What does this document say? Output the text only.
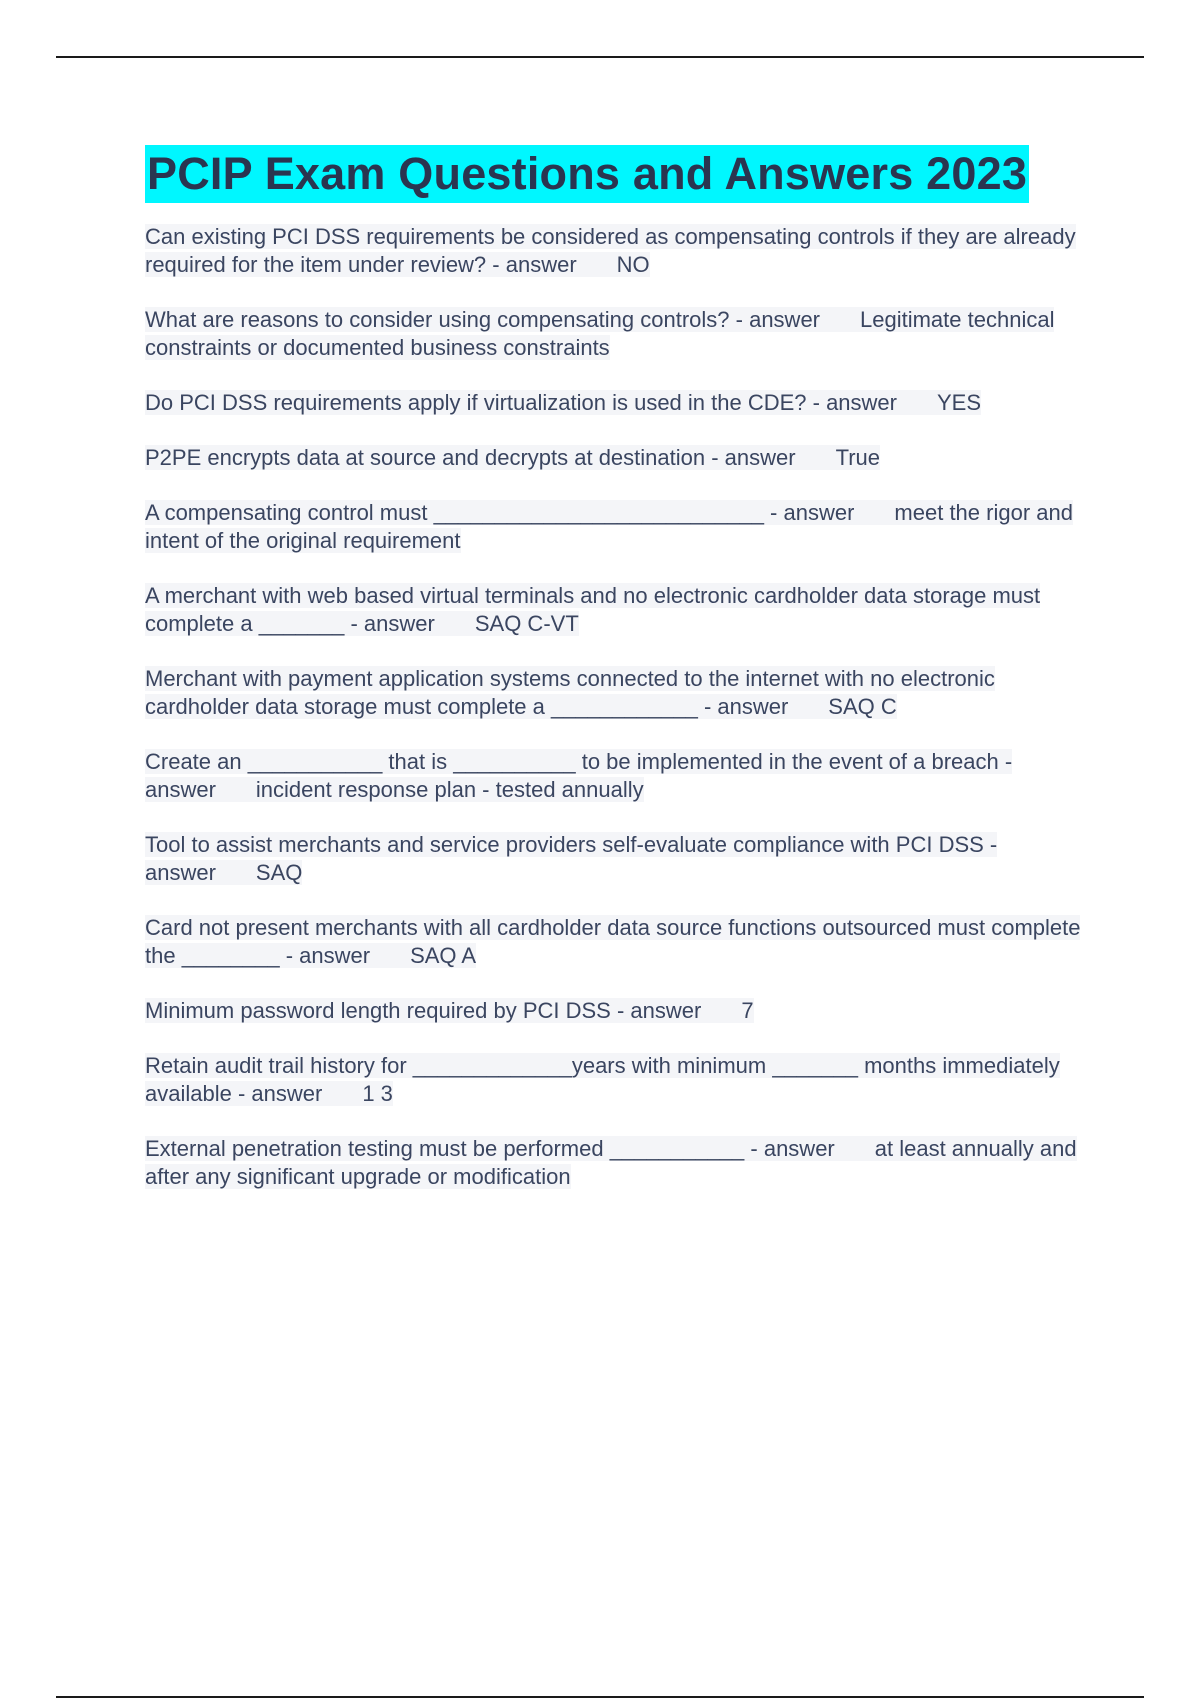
PCIP Exam Questions and Answers 2023
Can existing PCI DSS requirements be considered as compensating controls if they are already required for the item under review? - answer NO
What are reasons to consider using compensating controls? - answer Legitimate technical constraints or documented business constraints
Do PCI DSS requirements apply if virtualization is used in the CDE? - answer YES
P2PE encrypts data at source and decrypts at destination - answer True
A compensating control must ___________________________ - answer meet the rigor and intent of the original requirement
A merchant with web based virtual terminals and no electronic cardholder data storage must complete a _______ - answer SAQ C-VT
Merchant with payment application systems connected to the internet with no electronic cardholder data storage must complete a ____________ - answer SAQ C
Create an ___________ that is __________ to be implemented in the event of a breach - answer incident response plan - tested annually
Tool to assist merchants and service providers self-evaluate compliance with PCI DSS - answer SAQ
Card not present merchants with all cardholder data source functions outsourced must complete the ________ - answer SAQ A
Minimum password length required by PCI DSS - answer 7
Retain audit trail history for _____________years with minimum _______ months immediately available - answer 1 3
External penetration testing must be performed ___________ - answer at least annually and after any significant upgrade or modification
